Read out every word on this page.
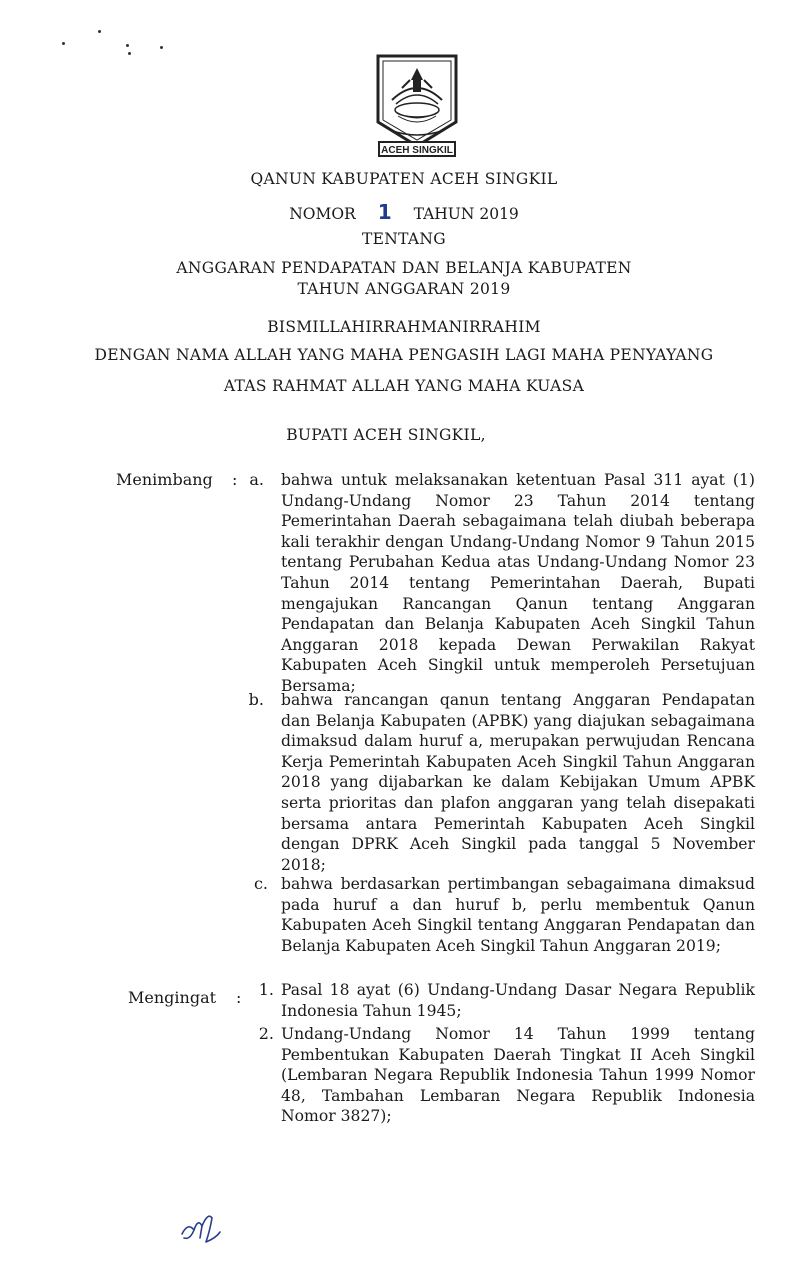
ACEH SINGKIL
QANUN KABUPATEN ACEH SINGKIL
NOMOR 1 TAHUN 2019
TENTANG
ANGGARAN PENDAPATAN DAN BELANJA KABUPATEN
TAHUN ANGGARAN 2019
BISMILLAHIRRAHMANIRRAHIM
DENGAN NAMA ALLAH YANG MAHA PENGASIH LAGI MAHA PENYAYANG
ATAS RAHMAT ALLAH YANG MAHA KUASA
BUPATI ACEH SINGKIL,
Menimbang : a. bahwa untuk melaksanakan ketentuan Pasal 311 ayat (1) Undang-Undang Nomor 23 Tahun 2014 tentang Pemerintahan Daerah sebagaimana telah diubah beberapa kali terakhir dengan Undang-Undang Nomor 9 Tahun 2015 tentang Perubahan Kedua atas Undang-Undang Nomor 23 Tahun 2014 tentang Pemerintahan Daerah, Bupati mengajukan Rancangan Qanun tentang Anggaran Pendapatan dan Belanja Kabupaten Aceh Singkil Tahun Anggaran 2018 kepada Dewan Perwakilan Rakyat Kabupaten Aceh Singkil untuk memperoleh Persetujuan Bersama;
b. bahwa rancangan qanun tentang Anggaran Pendapatan dan Belanja Kabupaten (APBK) yang diajukan sebagaimana dimaksud dalam huruf a, merupakan perwujudan Rencana Kerja Pemerintah Kabupaten Aceh Singkil Tahun Anggaran 2018 yang dijabarkan ke dalam Kebijakan Umum APBK serta prioritas dan plafon anggaran yang telah disepakati bersama antara Pemerintah Kabupaten Aceh Singkil dengan DPRK Aceh Singkil pada tanggal 5 November 2018;
c. bahwa berdasarkan pertimbangan sebagaimana dimaksud pada huruf a dan huruf b, perlu membentuk Qanun Kabupaten Aceh Singkil tentang Anggaran Pendapatan dan Belanja Kabupaten Aceh Singkil Tahun Anggaran 2019;
Mengingat :	1. Pasal 18 ayat (6) Undang-Undang Dasar Negara Republik Indonesia Tahun 1945;
2. Undang-Undang Nomor 14 Tahun 1999 tentang Pembentukan Kabupaten Daerah Tingkat II Aceh Singkil (Lembaran Negara Republik Indonesia Tahun 1999 Nomor 48, Tambahan Lembaran Negara Republik Indonesia Nomor 3827);
